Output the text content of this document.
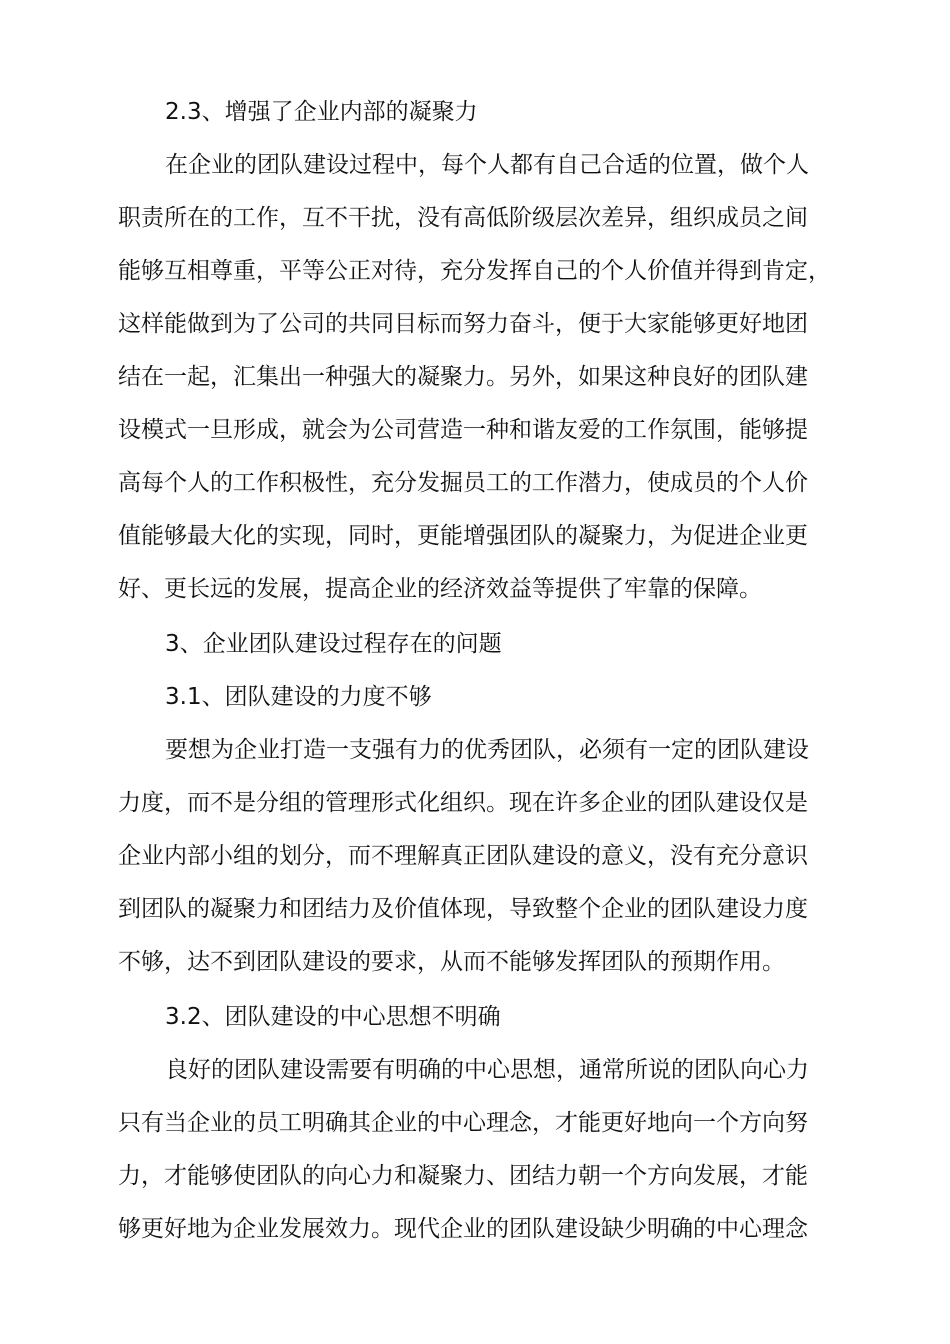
2.3、增强了企业内部的凝聚力
在企业的团队建设过程中，每个人都有自己合适的位置，做个人
职责所在的工作，互不干扰，没有高低阶级层次差异，组织成员之间
能够互相尊重，平等公正对待，充分发挥自己的个人价值并得到肯定，
这样能做到为了公司的共同目标而努力奋斗，便于大家能够更好地团
结在一起，汇集出一种强大的凝聚力。另外，如果这种良好的团队建
设模式一旦形成，就会为公司营造一种和谐友爱的工作氛围，能够提
高每个人的工作积极性，充分发掘员工的工作潜力，使成员的个人价
值能够最大化的实现，同时，更能增强团队的凝聚力，为促进企业更
好、更长远的发展，提高企业的经济效益等提供了牢靠的保障。
3、企业团队建设过程存在的问题
3.1、团队建设的力度不够
要想为企业打造一支强有力的优秀团队，必须有一定的团队建设
力度，而不是分组的管理形式化组织。现在许多企业的团队建设仅是
企业内部小组的划分，而不理解真正团队建设的意义，没有充分意识
到团队的凝聚力和团结力及价值体现，导致整个企业的团队建设力度
不够，达不到团队建设的要求，从而不能够发挥团队的预期作用。
3.2、团队建设的中心思想不明确
良好的团队建设需要有明确的中心思想，通常所说的团队向心力
只有当企业的员工明确其企业的中心理念，才能更好地向一个方向努
力，才能够使团队的向心力和凝聚力、团结力朝一个方向发展，才能
够更好地为企业发展效力。现代企业的团队建设缺少明确的中心理念
